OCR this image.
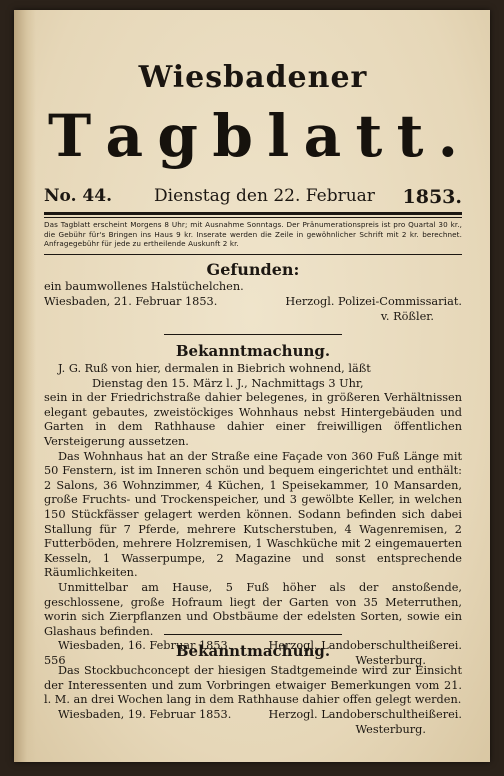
Wiesbadener
T a g b l a t t .
No. 44. Dienstag den 22. Februar 1853.
Das Tagblatt erscheint Morgens 8 Uhr; mit Ausnahme Sonntags. Der Pränumerationspreis ist pro Quartal 30 kr., die Gebühr für's Bringen ins Haus 9 kr. Inserate werden die Zeile in gewöhnlicher Schrift mit 2 kr. berechnet. Anfragegebühr für jede zu ertheilende Auskunft 2 kr.
Gefunden:

ein baumwollenes Halstüchelchen.

Wiesbaden, 21. Februar 1853.	Herzogl. Polizei-Commissariat.
v. Rößler.
Bekanntmachung.

J. G. Ruß von hier, dermalen in Biebrich wohnend, läßt

Dienstag den 15. März l. J., Nachmittags 3 Uhr,

sein in der Friedrichstraße dahier belegenes, in größeren Verhältnissen elegant gebautes, zweistöckiges Wohnhaus nebst Hintergebäuden und Garten in dem Rathhause dahier einer freiwilligen öffentlichen Versteigerung aussetzen.

Das Wohnhaus hat an der Straße eine Façade von 360 Fuß Länge mit 50 Fenstern, ist im Inneren schön und bequem eingerichtet und enthält: 2 Salons, 36 Wohnzimmer, 4 Küchen, 1 Speisekammer, 10 Mansarden, große Fruchts- und Trockenspeicher, und 3 gewölbte Keller, in welchen 150 Stückfässer gelagert werden können. Sodann befinden sich dabei Stallung für 7 Pferde, mehrere Kutscherstuben, 4 Wagenremisen, 2 Futterböden, mehrere Holzremisen, 1 Waschküche mit 2 eingemauerten Kesseln, 1 Wasserpumpe, 2 Magazine und sonst entsprechende Räumlichkeiten.

Unmittelbar am Hause, 5 Fuß höher als der anstoßende, geschlossene, große Hofraum liegt der Garten von 35 Meterruthen, worin sich Zierpflanzen und Obstbäume der edelsten Sorten, sowie ein Glashaus befinden.

Wiesbaden, 16. Februar 1853.	Herzogl. Landoberschultheißerei.
556	Westerburg.
Bekanntmachung.

Das Stockbuchconcept der hiesigen Stadtgemeinde wird zur Einsicht der Interessenten und zum Vorbringen etwaiger Bemerkungen vom 21. l. M. an drei Wochen lang in dem Rathhause dahier offen gelegt werden.

Wiesbaden, 19. Februar 1853.	Herzogl. Landoberschultheißerei.
Westerburg.
